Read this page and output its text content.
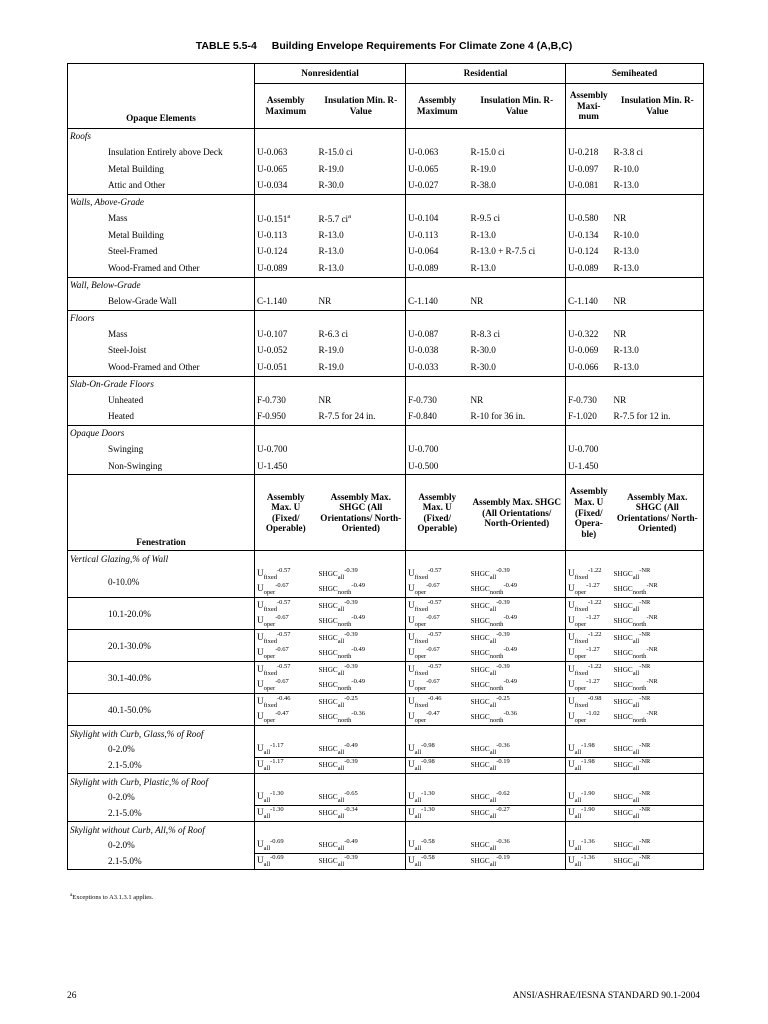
TABLE 5.5-4 Building Envelope Requirements For Climate Zone 4 (A,B,C)
Opaque Elements	Nonresidential		Residential		Semiheated	
	Assembly Maximum	Insulation Min. R-Value	Assembly Maximum	Insulation Min. R-Value	Assembly Maxi- mum	Insulation Min. R-Value
Roofs						
Insulation Entirely above Deck	U-0.063	R-15.0 ci	U-0.063	R-15.0 ci	U-0.218	R-3.8 ci
Metal Building	U-0.065	R-19.0	U-0.065	R-19.0	U-0.097	R-10.0
Attic and Other	U-0.034	R-30.0	U-0.027	R-38.0	U-0.081	R-13.0
Walls, Above-Grade						
Mass	U-0.151$^a$	R-5.7 $ci^a$	U-0.104	R-9.5 ci	U-0.580	NR
Metal Building	U-0.113	R-13.0	U-0.113	R-13.0	U-0.134	R-10.0
Steel-Framed	U-0.124	R-13.0	U-0.064	R-13.0 + R-7.5 ci	U-0.124	R-13.0
Wood-Framed and Other	U-0.089	R-13.0	U-0.089	R-13.0	U-0.089	R-13.0
Wall, Below-Grade						
Below-Grade Wall	C-1.140	NR	C-1.140	NR	C-1.140	NR
Floors						
Mass	U-0.107	R-6.3 ci	U-0.087	R-8.3 ci	U-0.322	NR
Steel-Joist	U-0.052	R-19.0	U-0.038	R-30.0	U-0.069	R-13.0
Wood-Framed and Other	U-0.051	R-19.0	U-0.033	R-30.0	U-0.066	R-13.0
Slab-On-Grade Floors						
Unheated	F-0.730	NR	F-0.730	NR	F-0.730	NR
Heated	F-0.950	R-7.5 for 24 in.	F-0.840	R-10 for 36 in.	F-1.020	R-7.5 for 12 in.
Opaque Doors						
Swinging	U-0.700		U-0.700		U-0.700	
Non-Swinging	U-1.450		U-0.500		U-1.450	
Fenestration	Assembly Max. U (Fixed/ Operable)	Assembly Max. SHGC (All Orientations/ North-Oriented)	Assembly Max. U (Fixed/ Operable)	Assembly Max. SHGC (All Orientations/ North-Oriented)	Assembly Max. U (Fixed/ Opera- ble)	Assembly Max. SHGC (All Orientations/ North-Oriented)
Vertical Glazing,% of Wall						
0-10.0%	$U_{fixed}^{-0.57}$	$SHGC_{all}^{-0.39}$	$U_{fixed}^{-0.57}$	$SHGC_{all}^{-0.39}$	$U_{fixed}^{-1.22}$	$SHGC_{all}^{-NR}$
	$U_{oper}^{-0.67}$	$SHGC_{north}^{-0.49}$	$U_{oper}^{-0.67}$	$SHGC_{north}^{-0.49}$	$U_{oper}^{-1.27}$	$SHGC_{north}^{-NR}$
10.1-20.0%	$U_{fixed}^{-0.57}$	$SHGC_{all}^{-0.39}$	$U_{fixed}^{-0.57}$	$SHGC_{all}^{-0.39}$	$U_{fixed}^{-1.22}$	$SHGC_{all}^{-NR}$
	$U_{oper}^{-0.67}$	$SHGC_{north}^{-0.49}$	$U_{oper}^{-0.67}$	$SHGC_{north}^{-0.49}$	$U_{oper}^{-1.27}$	$SHGC_{north}^{-NR}$
20.1-30.0%	$U_{fixed}^{-0.57}$	$SHGC_{all}^{-0.39}$	$U_{fixed}^{-0.57}$	$SHGC_{all}^{-0.39}$	$U_{fixed}^{-1.22}$	$SHGC_{all}^{-NR}$
	$U_{oper}^{-0.67}$	$SHGC_{north}^{-0.49}$	$U_{oper}^{-0.67}$	$SHGC_{north}^{-0.49}$	$U_{oper}^{-1.27}$	$SHGC_{north}^{-NR}$
30.1-40.0%	$U_{fixed}^{-0.57}$	$SHGC_{all}^{-0.39}$	$U_{fixed}^{-0.57}$	$SHGC_{all}^{-0.39}$	$U_{fixed}^{-1.22}$	$SHGC_{all}^{-NR}$
	$U_{oper}^{-0.67}$	$SHGC_{north}^{-0.49}$	$U_{oper}^{-0.67}$	$SHGC_{north}^{-0.49}$	$U_{oper}^{-1.27}$	$SHGC_{north}^{-NR}$
40.1-50.0%	$U_{fixed}^{-0.46}$	$SHGC_{all}^{-0.25}$	$U_{fixed}^{-0.46}$	$SHGC_{all}^{-0.25}$	$U_{fixed}^{-0.98}$	$SHGC_{all}^{-NR}$
	$U_{oper}^{-0.47}$	$SHGC_{north}^{-0.36}$	$U_{oper}^{-0.47}$	$SHGC_{north}^{-0.36}$	$U_{oper}^{-1.02}$	$SHGC_{north}^{-NR}$
Skylight with Curb, Glass,% of Roof						
0-2.0%	$U_{all}^{-1.17}$	$SHGC_{all}^{-0.49}$	$U_{all}^{-0.98}$	$SHGC_{all}^{-0.36}$	$U_{all}^{-1.98}$	$SHGC_{all}^{-NR}$
2.1-5.0%	$U_{all}^{-1.17}$	$SHGC_{all}^{-0.39}$	$U_{all}^{-0.98}$	$SHGC_{all}^{-0.19}$	$U_{all}^{-1.98}$	$SHGC_{all}^{-NR}$
Skylight with Curb, Plastic,% of Roof						
0-2.0%	$U_{all}^{-1.30}$	$SHGC_{all}^{-0.65}$	$U_{all}^{-1.30}$	$SHGC_{all}^{-0.62}$	$U_{all}^{-1.90}$	$SHGC_{all}^{-NR}$
2.1-5.0%	$U_{all}^{-1.30}$	$SHGC_{all}^{-0.34}$	$U_{all}^{-1.30}$	$SHGC_{all}^{-0.27}$	$U_{all}^{-1.90}$	$SHGC_{all}^{-NR}$
Skylight without Curb, All,% of Roof						
0-2.0%	$U_{all}^{-0.69}$	$SHGC_{all}^{-0.49}$	$U_{all}^{-0.58}$	$SHGC_{all}^{-0.36}$	$U_{all}^{-1.36}$	$SHGC_{all}^{-NR}$
2.1-5.0%	$U_{all}^{-0.69}$	$SHGC_{all}^{-0.39}$	$U_{all}^{-0.58}$	$SHGC_{all}^{-0.19}$	$U_{all}^{-1.36}$	$SHGC_{all}^{-NR}$
$^a$Exceptions to A3.1.3.1 applies.
26	ANSI/ASHRAE/IESNA STANDARD 90.1-2004
